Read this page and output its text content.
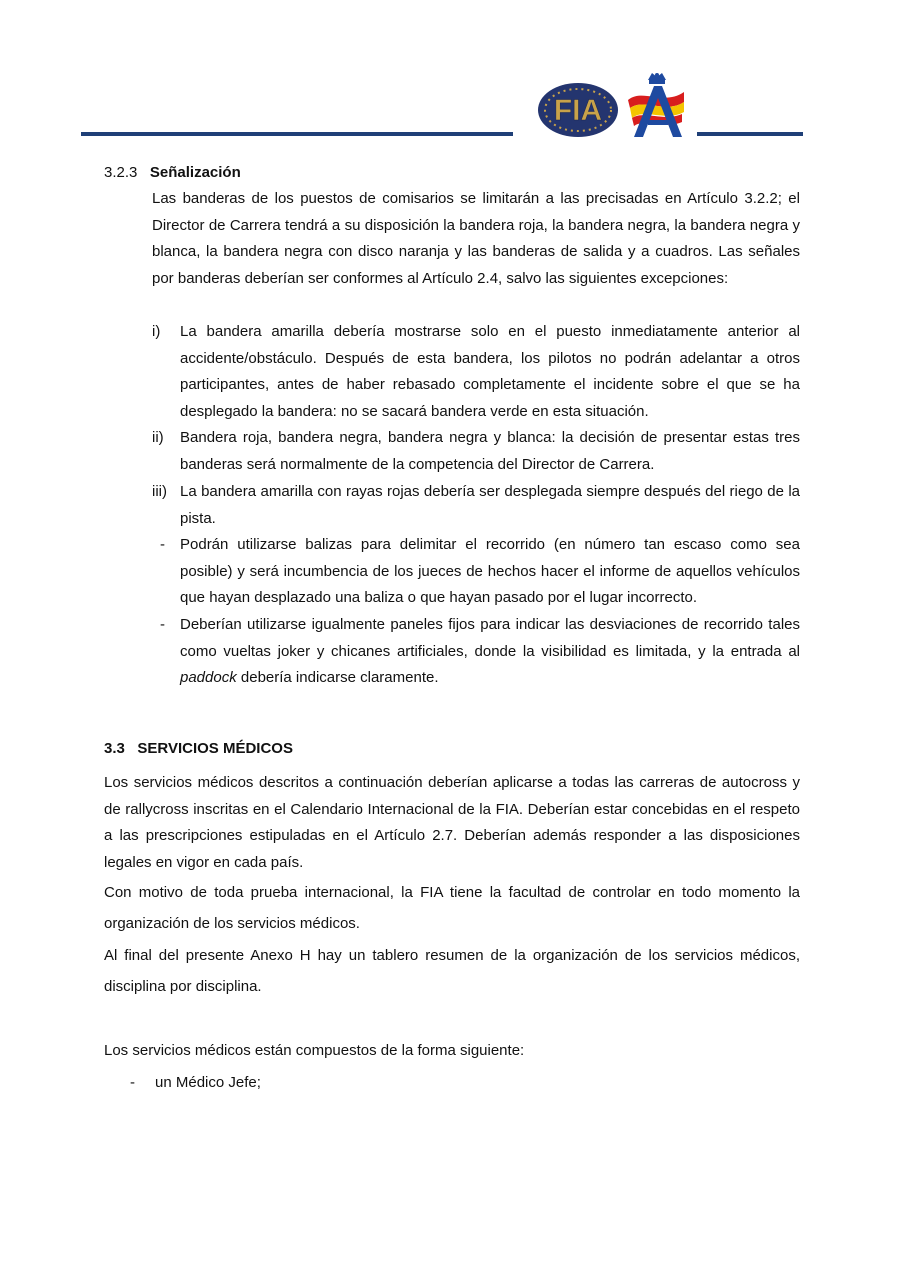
FIA
3.2.3 Señalización
Las banderas de los puestos de comisarios se limitarán a las precisadas en Artículo 3.2.2; el Director de Carrera tendrá a su disposición la bandera roja, la bandera negra, la bandera negra y blanca, la bandera negra con disco naranja y las banderas de salida y a cuadros. Las señales por banderas deberían ser conformes al Artículo 2.4, salvo las siguientes excepciones:
i) La bandera amarilla debería mostrarse solo en el puesto inmediatamente anterior al accidente/obstáculo. Después de esta bandera, los pilotos no podrán adelantar a otros participantes, antes de haber rebasado completamente el incidente sobre el que se ha desplegado la bandera: no se sacará bandera verde en esta situación.
ii) Bandera roja, bandera negra, bandera negra y blanca: la decisión de presentar estas tres banderas será normalmente de la competencia del Director de Carrera.
iii) La bandera amarilla con rayas rojas debería ser desplegada siempre después del riego de la pista.
- Podrán utilizarse balizas para delimitar el recorrido (en número tan escaso como sea posible) y será incumbencia de los jueces de hechos hacer el informe de aquellos vehículos que hayan desplazado una baliza o que hayan pasado por el lugar incorrecto.
- Deberían utilizarse igualmente paneles fijos para indicar las desviaciones de recorrido tales como vueltas joker y chicanes artificiales, donde la visibilidad es limitada, y la entrada al paddock debería indicarse claramente.
3.3 SERVICIOS MÉDICOS
Los servicios médicos descritos a continuación deberían aplicarse a todas las carreras de autocross y de rallycross inscritas en el Calendario Internacional de la FIA. Deberían estar concebidas en el respeto a las prescripciones estipuladas en el Artículo 2.7. Deberían además responder a las disposiciones legales en vigor en cada país.
Con motivo de toda prueba internacional, la FIA tiene la facultad de controlar en todo momento la organización de los servicios médicos.
Al final del presente Anexo H hay un tablero resumen de la organización de los servicios médicos, disciplina por disciplina.
Los servicios médicos están compuestos de la forma siguiente:
- un Médico Jefe;
